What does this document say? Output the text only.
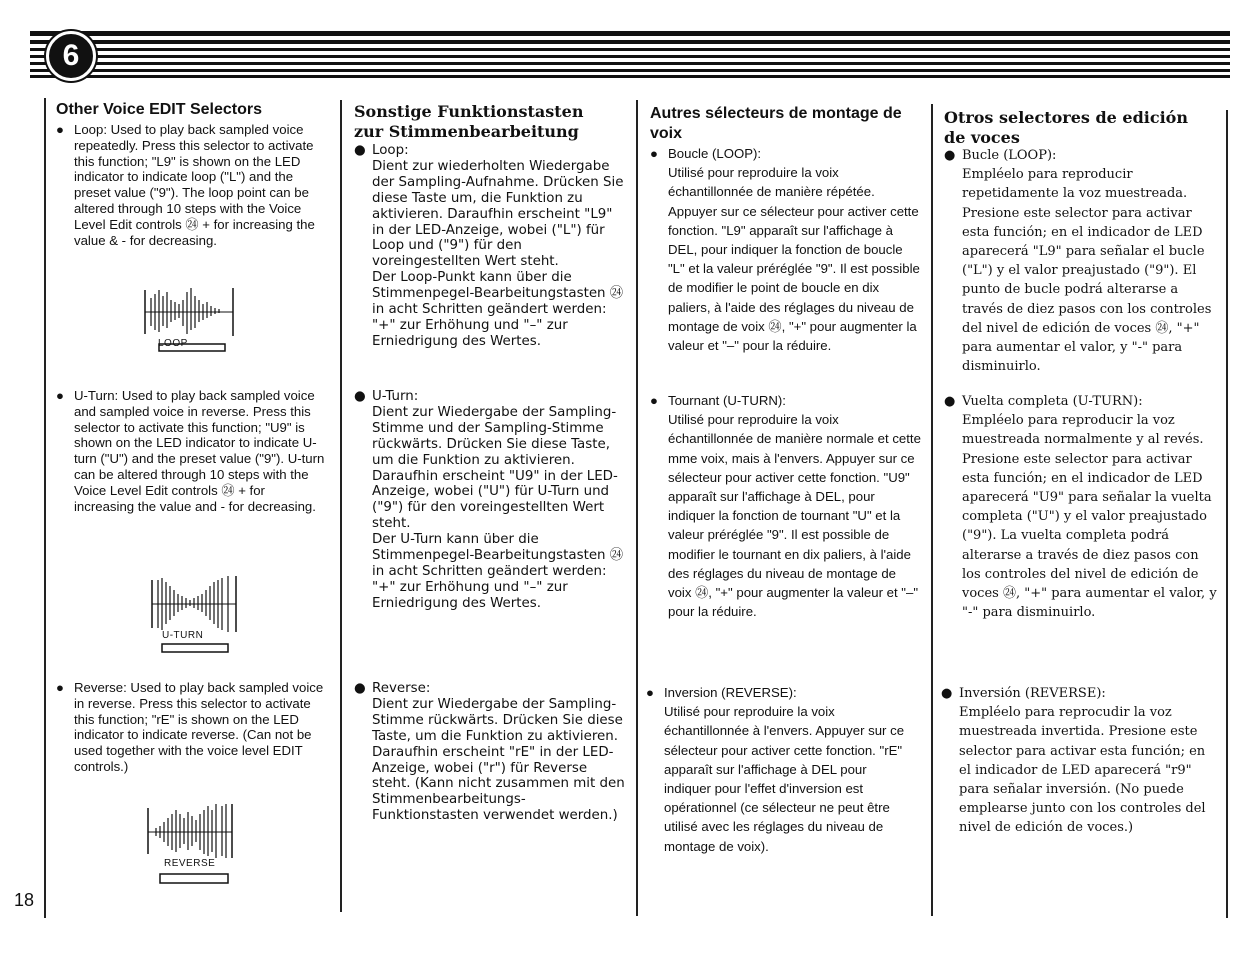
6
Other Voice EDIT Selectors
● Loop: Used to play back sampled voice repeatedly. Press this selector to activate this function; "L9" is shown on the LED indicator to indicate loop ("L") and the preset value ("9"). The loop point can be altered through 10 steps with the Voice Level Edit controls ㉔ + for increasing the value & - for decreasing.
LOOP
● U-Turn: Used to play back sampled voice and sampled voice in reverse. Press this selector to activate this function; "U9" is shown on the LED indicator to indicate U-turn ("U") and the preset value ("9"). U-turn can be altered through 10 steps with the Voice Level Edit controls ㉔ + for increasing the value and - for decreasing.
U-TURN
● Reverse: Used to play back sampled voice in reverse. Press this selector to activate this function; "rE" is shown on the LED indicator to indicate reverse. (Can not be used together with the voice level EDIT controls.)
REVERSE
Sonstige Funktionstasten zur Stimmenbearbeitung
● Loop:
Dient zur wiederholten Wiedergabe der Sampling-Aufnahme. Drücken Sie diese Taste um, die Funktion zu aktivieren. Daraufhin erscheint "L9" in der LED-Anzeige, wobei ("L") für Loop und ("9") für den voreingestellten Wert steht.
Der Loop-Punkt kann über die Stimmenpegel-Bearbeitungstasten ㉔ in acht Schritten geändert werden: "+" zur Erhöhung und "–" zur Erniedrigung des Wertes.
● U-Turn:
Dient zur Wiedergabe der Sampling-Stimme und der Sampling-Stimme rückwärts. Drücken Sie diese Taste, um die Funktion zu aktivieren. Daraufhin erscheint "U9" in der LED-Anzeige, wobei ("U") für U-Turn und ("9") für den voreingestellten Wert steht.
Der U-Turn kann über die Stimmenpegel-Bearbeitungstasten ㉔ in acht Schritten geändert werden: "+" zur Erhöhung und "–" zur Erniedrigung des Wertes.
● Reverse:
Dient zur Wiedergabe der Sampling-Stimme rückwärts. Drücken Sie diese Taste, um die Funktion zu aktivieren. Daraufhin erscheint "rE" in der LED-Anzeige, wobei ("r") für Reverse steht. (Kann nicht zusammen mit den Stimmenbearbeitungs-Funktionstasten verwendet werden.)
Autres sélecteurs de montage de voix
● Boucle (LOOP):
Utilisé pour reproduire la voix échantillonnée de manière répétée. Appuyer sur ce sélecteur pour activer cette fonction. "L9" apparaît sur l'affichage à DEL, pour indiquer la fonction de boucle "L" et la valeur préréglée "9". Il est possible de modifier le point de boucle en dix paliers, à l'aide des réglages du niveau de montage de voix ㉔, "+" pour augmenter la valeur et "–" pour la réduire.
● Tournant (U-TURN):
Utilisé pour reproduire la voix échantillonnée de manière normale et cette mme voix, mais à l'envers. Appuyer sur ce sélecteur pour activer cette fonction. "U9" apparaît sur l'affichage à DEL, pour indiquer la fonction de tournant "U" et la valeur préréglée "9". Il est possible de modifier le tournant en dix paliers, à l'aide des réglages du niveau de montage de voix ㉔, "+" pour augmenter la valeur et "–" pour la réduire.
● Inversion (REVERSE):
Utilisé pour reproduire la voix échantillonnée à l'envers. Appuyer sur ce sélecteur pour activer cette fonction. "rE" apparaît sur l'affichage à DEL pour indiquer pour l'effet d'inversion est opérationnel (ce sélecteur ne peut être utilisé avec les réglages du niveau de montage de voix).
Otros selectores de edición de voces
● Bucle (LOOP):
Empléelo para reproducir repetidamente la voz muestreada. Presione este selector para activar esta función; en el indicador de LED aparecerá "L9" para señalar el bucle ("L") y el valor preajustado ("9"). El punto de bucle podrá alterarse a través de diez pasos con los controles del nivel de edición de voces ㉔, "+" para aumentar el valor, y "-" para disminuirlo.
● Vuelta completa (U-TURN):
Empléelo para reproducir la voz muestreada normalmente y al revés. Presione este selector para activar esta función; en el indicador de LED aparecerá "U9" para señalar la vuelta completa ("U") y el valor preajustado ("9"). La vuelta completa podrá alterarse a través de diez pasos con los controles del nivel de edición de voces ㉔, "+" para aumentar el valor, y "-" para disminuirlo.
● Inversión (REVERSE):
Empléelo para reprocudir la voz muestreada invertida. Presione este selector para activar esta función; en el indicador de LED aparecerá "r9" para señalar inversión. (No puede emplearse junto con los controles del nivel de edición de voces.)
18
